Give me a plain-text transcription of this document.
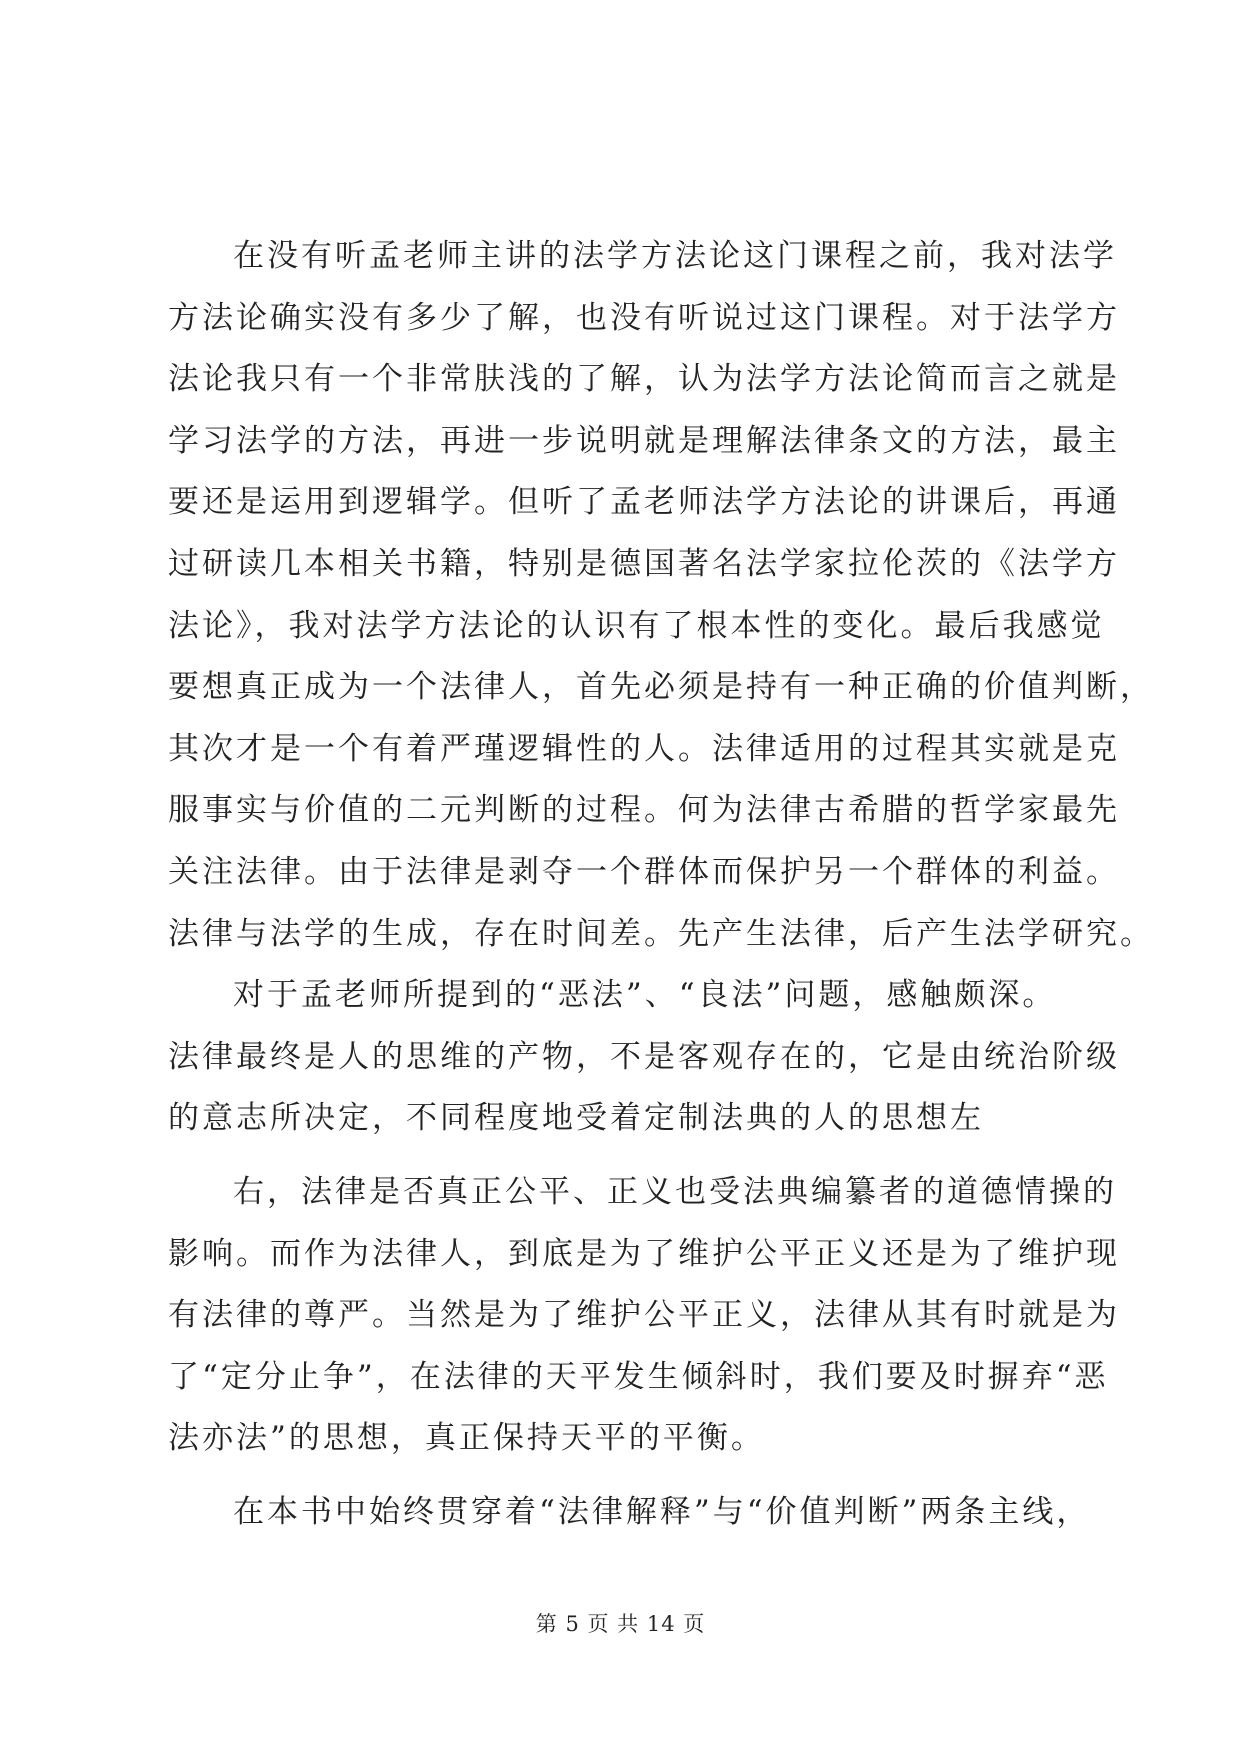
在没有听孟老师主讲的法学方法论这门课程之前，我对法学
方法论确实没有多少了解，也没有听说过这门课程。对于法学方
法论我只有一个非常肤浅的了解，认为法学方法论简而言之就是
学习法学的方法，再进一步说明就是理解法律条文的方法，最主
要还是运用到逻辑学。但听了孟老师法学方法论的讲课后，再通
过研读几本相关书籍，特别是德国著名法学家拉伦茨的《法学方
法论》，我对法学方法论的认识有了根本性的变化。最后我感觉
要想真正成为一个法律人，首先必须是持有一种正确的价值判断，
其次才是一个有着严瑾逻辑性的人。法律适用的过程其实就是克
服事实与价值的二元判断的过程。何为法律古希腊的哲学家最先
关注法律。由于法律是剥夺一个群体而保护另一个群体的利益。
法律与法学的生成，存在时间差。先产生法律，后产生法学研究。
对于孟老师所提到的“恶法”、“良法”问题，感触颇深。
法律最终是人的思维的产物，不是客观存在的，它是由统治阶级
的意志所决定，不同程度地受着定制法典的人的思想左
右，法律是否真正公平、正义也受法典编纂者的道德情操的
影响。而作为法律人，到底是为了维护公平正义还是为了维护现
有法律的尊严。当然是为了维护公平正义，法律从其有时就是为
了“定分止争”，在法律的天平发生倾斜时，我们要及时摒弃“恶
法亦法”的思想，真正保持天平的平衡。
在本书中始终贯穿着“法律解释”与“价值判断”两条主线，
第 5 页 共 14 页
